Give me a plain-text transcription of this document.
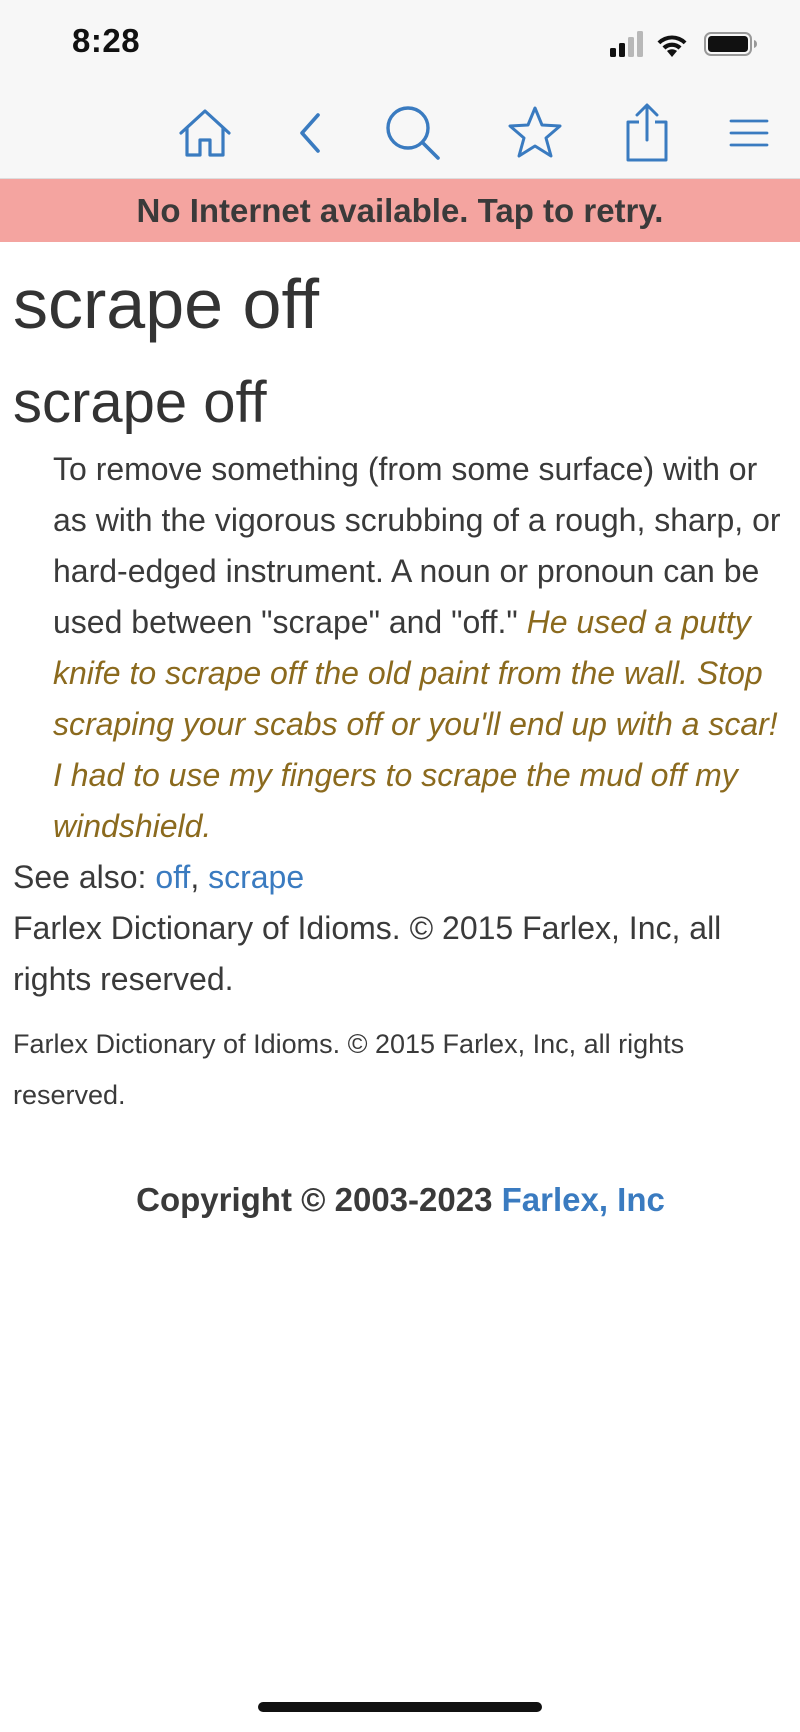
8:28
No Internet available. Tap to retry.
scrape off
scrape off
To remove something (from some surface) with or as with the vigorous scrubbing of a rough, sharp, or hard-edged instrument. A noun or pronoun can be used between "scrape" and "off." He used a putty knife to scrape off the old paint from the wall. Stop scraping your scabs off or you'll end up with a scar! I had to use my fingers to scrape the mud off my windshield.
See also: off, scrape
Farlex Dictionary of Idioms. © 2015 Farlex, Inc, all rights reserved.
Farlex Dictionary of Idioms. © 2015 Farlex, Inc, all rights reserved.
Copyright © 2003-2023 Farlex, Inc
